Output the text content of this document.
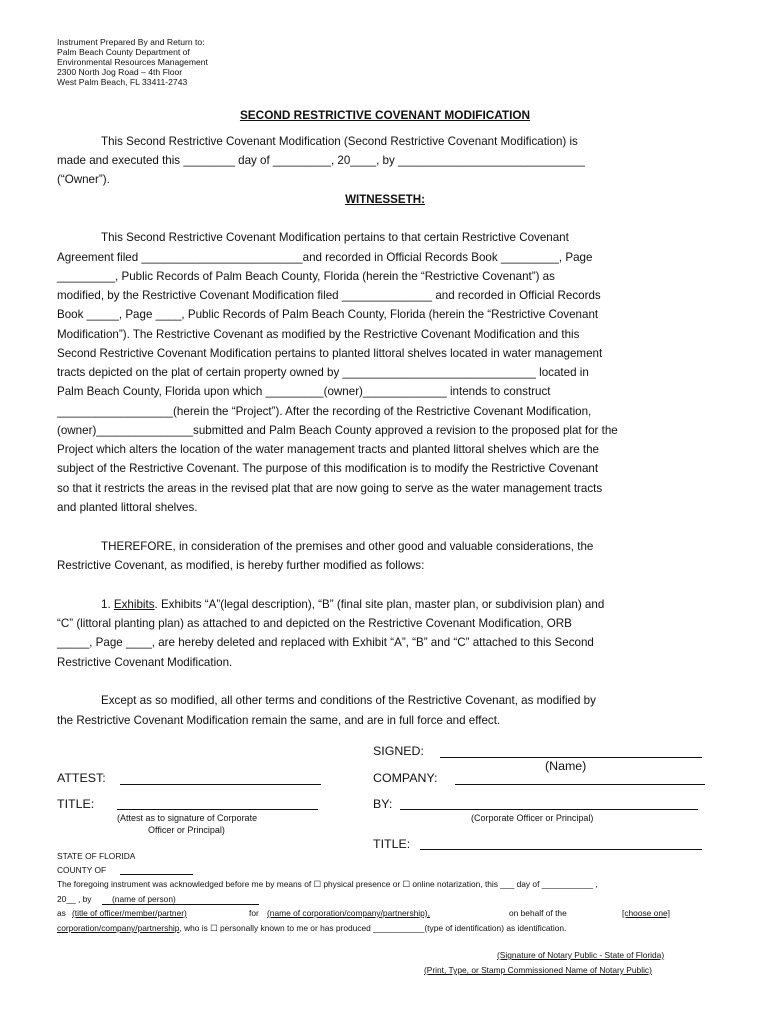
Instrument Prepared By and Return to:
Palm Beach County Department of
Environmental Resources Management
2300 North Jog Road – 4th Floor
West Palm Beach, FL 33411-2743
SECOND RESTRICTIVE COVENANT MODIFICATION
This Second Restrictive Covenant Modification (Second Restrictive Covenant Modification) is
made and executed this ________ day of _________, 20____, by _____________________________
(“Owner”).
WITNESSETH:
This Second Restrictive Covenant Modification pertains to that certain Restrictive Covenant
Agreement filed _________________________and recorded in Official Records Book _________, Page
_________, Public Records of Palm Beach County, Florida (herein the “Restrictive Covenant”) as
modified, by the Restrictive Covenant Modification filed ______________ and recorded in Official Records
Book _____, Page ____, Public Records of Palm Beach County, Florida (herein the “Restrictive Covenant
Modification”). The Restrictive Covenant as modified by the Restrictive Covenant Modification and this
Second Restrictive Covenant Modification pertains to planted littoral shelves located in water management
tracts depicted on the plat of certain property owned by ______________________________ located in
Palm Beach County, Florida upon which _________(owner)_____________ intends to construct
__________________(herein the “Project”). After the recording of the Restrictive Covenant Modification,
(owner)_______________submitted and Palm Beach County approved a revision to the proposed plat for the
Project which alters the location of the water management tracts and planted littoral shelves which are the
subject of the Restrictive Covenant. The purpose of this modification is to modify the Restrictive Covenant
so that it restricts the areas in the revised plat that are now going to serve as the water management tracts
and planted littoral shelves.
THEREFORE, in consideration of the premises and other good and valuable considerations, the
Restrictive Covenant, as modified, is hereby further modified as follows:
1. Exhibits. Exhibits “A”(legal description), “B” (final site plan, master plan, or subdivision plan) and
“C” (littoral planting plan) as attached to and depicted on the Restrictive Covenant Modification, ORB
_____, Page ____, are hereby deleted and replaced with Exhibit “A”, “B” and “C” attached to this Second
Restrictive Covenant Modification.
Except as so modified, all other terms and conditions of the Restrictive Covenant, as modified by
the Restrictive Covenant Modification remain the same, and are in full force and effect.
SIGNED:
(Name)
ATTEST:	COMPANY:
TITLE:	BY:
(Attest as to signature of Corporate
Officer or Principal)
(Corporate Officer or Principal)
TITLE:
STATE OF FLORIDA
COUNTY OF
The foregoing instrument was acknowledged before me by means of ☐ physical presence or ☐ online notarization, this ___ day of ___________ ,
20__ , by	(name of person)
as (title of officer/member/partner)	for (name of corporation/company/partnership),	on behalf of the	[choose one]
corporation/company/partnership, who is ☐ personally known to me or has produced ___________(type of identification) as identification.
(Signature of Notary Public - State of Florida)
(Print, Type, or Stamp Commissioned Name of Notary Public)
